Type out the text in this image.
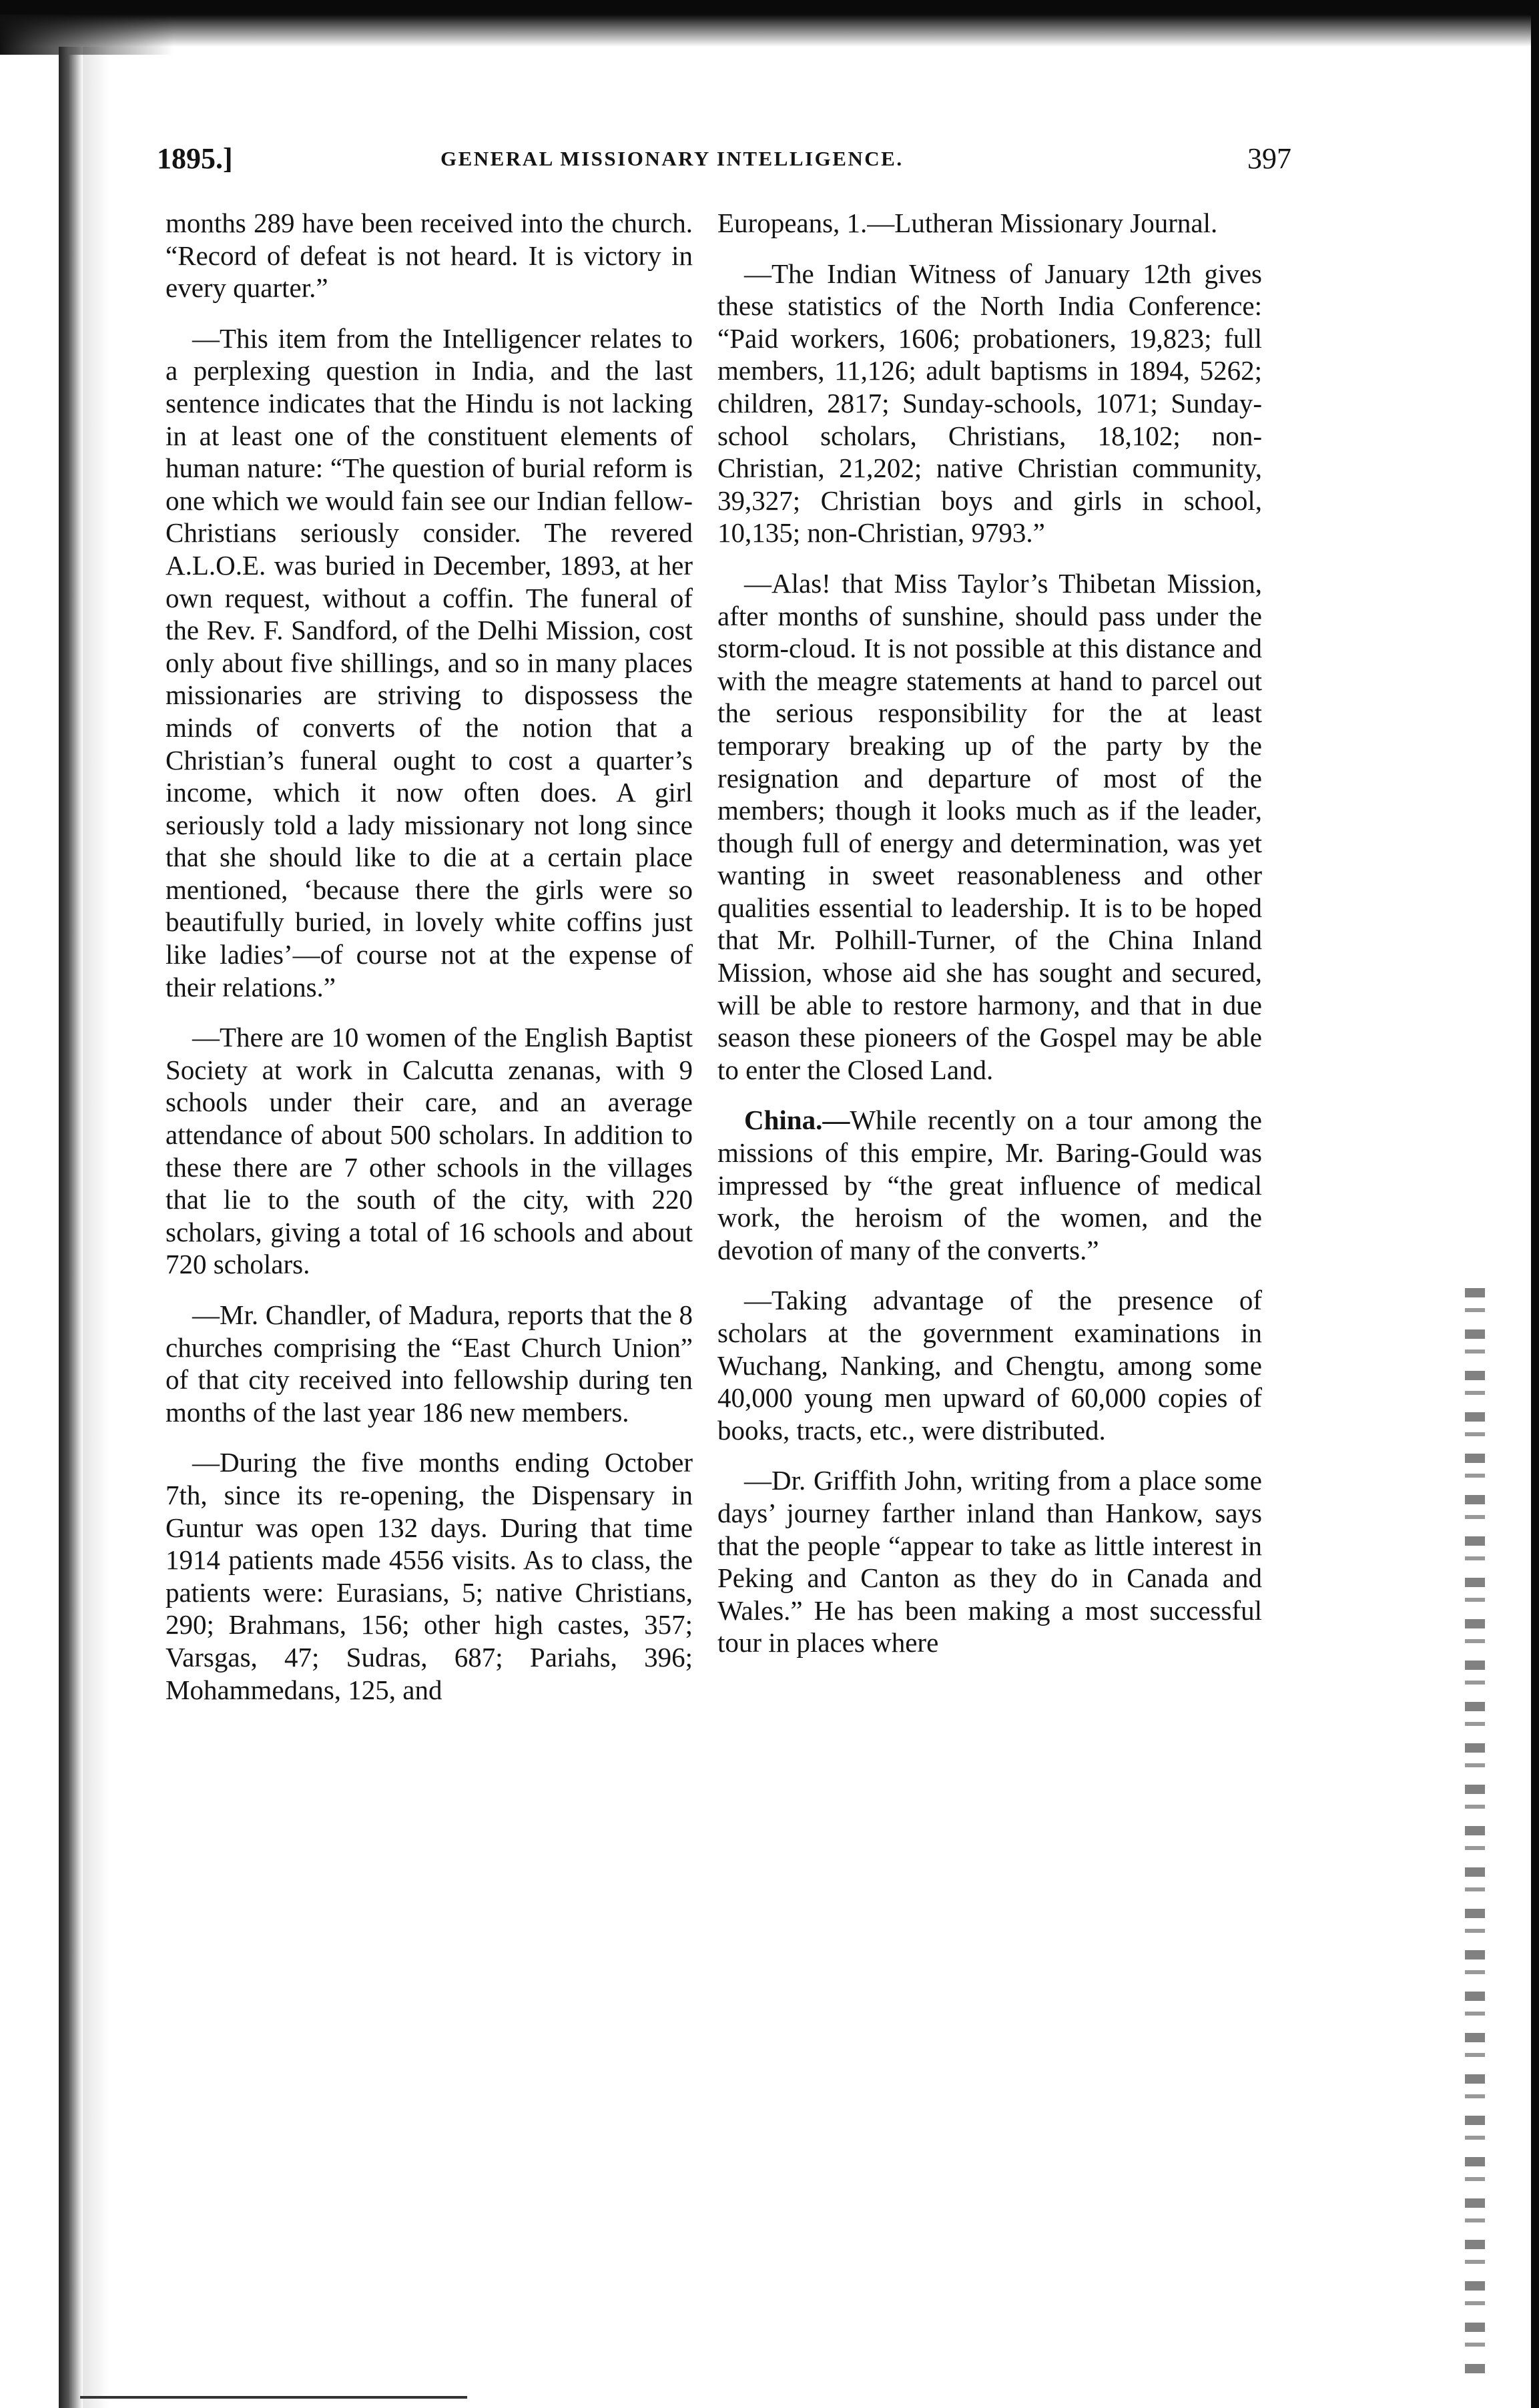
1895.]	GENERAL MISSIONARY INTELLIGENCE.	397

months 289 have been received into the church. “Record of defeat is not heard. It is victory in every quarter.”

—This item from the Intelligencer relates to a perplexing question in India, and the last sentence indicates that the Hindu is not lacking in at least one of the constituent elements of human nature: “The question of burial reform is one which we would fain see our Indian fellow-Christians seriously consider. The revered A.L.O.E. was buried in December, 1893, at her own request, without a coffin. The funeral of the Rev. F. Sandford, of the Delhi Mission, cost only about five shillings, and so in many places missionaries are striving to dispossess the minds of converts of the notion that a Christian’s funeral ought to cost a quarter’s income, which it now often does. A girl seriously told a lady missionary not long since that she should like to die at a certain place mentioned, ‘because there the girls were so beautifully buried, in lovely white coffins just like ladies’—of course not at the expense of their relations.”

—There are 10 women of the English Baptist Society at work in Calcutta zenanas, with 9 schools under their care, and an average attendance of about 500 scholars. In addition to these there are 7 other schools in the villages that lie to the south of the city, with 220 scholars, giving a total of 16 schools and about 720 scholars.

—Mr. Chandler, of Madura, reports that the 8 churches comprising the “East Church Union” of that city received into fellowship during ten months of the last year 186 new members.

—During the five months ending October 7th, since its re-opening, the Dispensary in Guntur was open 132 days. During that time 1914 patients made 4556 visits. As to class, the patients were: Eurasians, 5; native Christians, 290; Brahmans, 156; other high castes, 357; Varsgas, 47; Sudras, 687; Pariahs, 396; Mohammedans, 125, and

Europeans, 1.—Lutheran Missionary Journal.

—The Indian Witness of January 12th gives these statistics of the North India Conference: “Paid workers, 1606; probationers, 19,823; full members, 11,126; adult baptisms in 1894, 5262; children, 2817; Sunday-schools, 1071; Sunday-school scholars, Christians, 18,102; non-Christian, 21,202; native Christian community, 39,327; Christian boys and girls in school, 10,135; non-Christian, 9793.”

—Alas! that Miss Taylor’s Thibetan Mission, after months of sunshine, should pass under the storm-cloud. It is not possible at this distance and with the meagre statements at hand to parcel out the serious responsibility for the at least temporary breaking up of the party by the resignation and departure of most of the members; though it looks much as if the leader, though full of energy and determination, was yet wanting in sweet reasonableness and other qualities essential to leadership. It is to be hoped that Mr. Polhill-Turner, of the China Inland Mission, whose aid she has sought and secured, will be able to restore harmony, and that in due season these pioneers of the Gospel may be able to enter the Closed Land.

China.—While recently on a tour among the missions of this empire, Mr. Baring-Gould was impressed by “the great influence of medical work, the heroism of the women, and the devotion of many of the converts.”

—Taking advantage of the presence of scholars at the government examinations in Wuchang, Nanking, and Chengtu, among some 40,000 young men upward of 60,000 copies of books, tracts, etc., were distributed.

—Dr. Griffith John, writing from a place some days’ journey farther inland than Hankow, says that the people “appear to take as little interest in Peking and Canton as they do in Canada and Wales.” He has been making a most successful tour in places where
